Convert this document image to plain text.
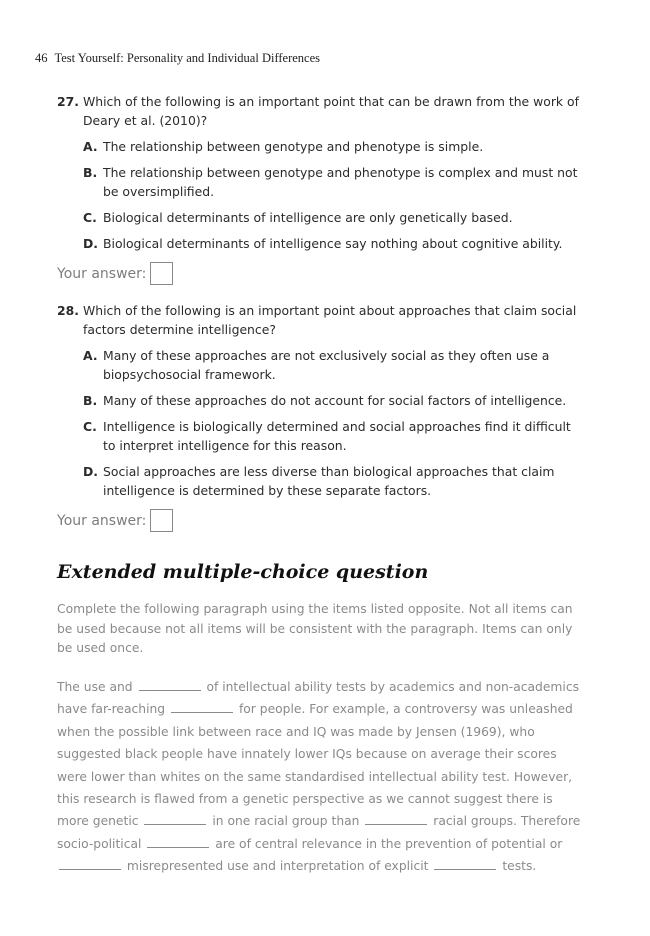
46 Test Yourself: Personality and Individual Differences
27. Which of the following is an important point that can be drawn from the work of Deary et al. (2010)?
A. The relationship between genotype and phenotype is simple.
B. The relationship between genotype and phenotype is complex and must not be oversimplified.
C. Biological determinants of intelligence are only genetically based.
D. Biological determinants of intelligence say nothing about cognitive ability.
Your answer:
28. Which of the following is an important point about approaches that claim social factors determine intelligence?
A. Many of these approaches are not exclusively social as they often use a biopsychosocial framework.
B. Many of these approaches do not account for social factors of intelligence.
C. Intelligence is biologically determined and social approaches find it difficult to interpret intelligence for this reason.
D. Social approaches are less diverse than biological approaches that claim intelligence is determined by these separate factors.
Your answer:
Extended multiple-choice question
Complete the following paragraph using the items listed opposite. Not all items can be used because not all items will be consistent with the paragraph. Items can only be used once.
The use and	of intellectual ability tests by academics and non-academics have far-reaching	for people. For example, a controversy was unleashed when the possible link between race and IQ was made by Jensen (1969), who suggested black people have innately lower IQs because on average their scores were lower than whites on the same standardised intellectual ability test. However, this research is flawed from a genetic perspective as we cannot suggest there is more genetic	in one racial group than	racial groups. Therefore socio-political	are of central relevance in the prevention of potential or  misrepresented use and interpretation of explicit	tests.
